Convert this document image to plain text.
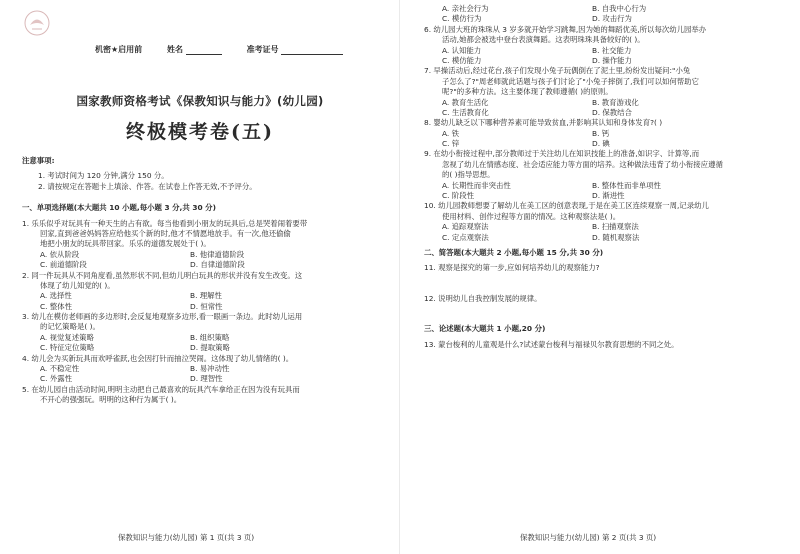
机密★启用前	姓名	准考证号
国家教师资格考试《保教知识与能力》(幼儿园)
终极模考卷(五)
注意事项:
1. 考试时间为 120 分钟,满分 150 分。
2. 请按规定在答题卡上填涂、作答。在试卷上作答无效,不予评分。
一、单项选择题(本大题共 10 小题,每小题 3 分,共 30 分)
1. 乐乐似乎对玩具有一种天生的占有欲。每当他看到小朋友的玩具后,总是哭着闹着要带
回家,直到爸爸妈妈答应给他买个新的时,他才不情愿地放手。有一次,他还偷偷
地把小朋友的玩具带回家。乐乐的道德发展处于( )。
A. 依从阶段	B. 他律道德阶段
C. 前道德阶段	D. 自律道德阶段
2. 同一件玩具从不同角度看,虽然形状不同,但幼儿明白玩具的形状并没有发生改变。这
体现了幼儿知觉的( )。
A. 选择性	B. 理解性
C. 整体性	D. 恒常性
3. 幼儿在模仿老师画的多边形时,会反复地观察多边形,看一眼画一条边。此时幼儿运用
的记忆策略是( )。
A. 视觉复述策略	B. 组织策略
C. 特征定位策略	D. 提取策略
4. 幼儿会为买新玩具而欢呼雀跃,也会因打针而抽泣哭闹。这体现了幼儿情绪的( )。
A. 不稳定性	B. 易冲动性
C. 外露性	D. 理智性
5. 在幼儿园自由活动时间,明明主动把自己最喜欢的玩具汽车拿给正在因为没有玩具而
不开心的强强玩。明明的这种行为属于( )。
保教知识与能力(幼儿园) 第 1 页(共 3 页)
A. 亲社会行为	B. 自我中心行为
C. 模仿行为	D. 攻击行为
6. 幼儿园大班的珠珠从 3 岁多就开始学习跳舞,因为她的舞蹈优美,所以每次幼儿园举办
活动,她都会被选中登台表演舞蹈。这表明珠珠具备较好的( )。
A. 认知能力	B. 社交能力
C. 模仿能力	D. 操作能力
7. 早操活动后,经过花台,孩子们发现小兔子玩偶倒在了泥土里,纷纷发出疑问:"小兔
子怎么了?"周老师就此话题与孩子们讨论了"小兔子摔倒了,我们可以如何帮助它
呢?"的多种方法。这主要体现了教师遵循( )的原则。
A. 教育生活化	B. 教育游戏化
C. 生活教育化	D. 保教结合
8. 婴幼儿缺乏以下哪种营养素可能导致贫血,并影响其认知和身体发育?( )
A. 铁	B. 钙
C. 锌	D. 碘
9. 在幼小衔接过程中,部分教师过于关注幼儿在知识技能上的准备,如识字、计算等,而
忽视了幼儿在情感态度、社会适应能力等方面的培养。这种做法违背了幼小衔接应遵循
的( )指导思想。
A. 长期性而非突击性	B. 整体性而非单项性
C. 阶段性	D. 渐进性
10. 幼儿园教师想要了解幼儿在美工区的创意表现,于是在美工区连续观察一周,记录幼儿
使用材料、创作过程等方面的情况。这种观察法是( )。
A. 追踪观察法	B. 扫描观察法
C. 定点观察法	D. 随机观察法
二、简答题(本大题共 2 小题,每小题 15 分,共 30 分)
11. 观察是探究的第一步,应如何培养幼儿的观察能力?
12. 说明幼儿自我控制发展的规律。
三、论述题(本大题共 1 小题,20 分)
13. 蒙台梭利的儿童观是什么?试述蒙台梭利与福禄贝尔教育思想的不同之处。
保教知识与能力(幼儿园) 第 2 页(共 3 页)
